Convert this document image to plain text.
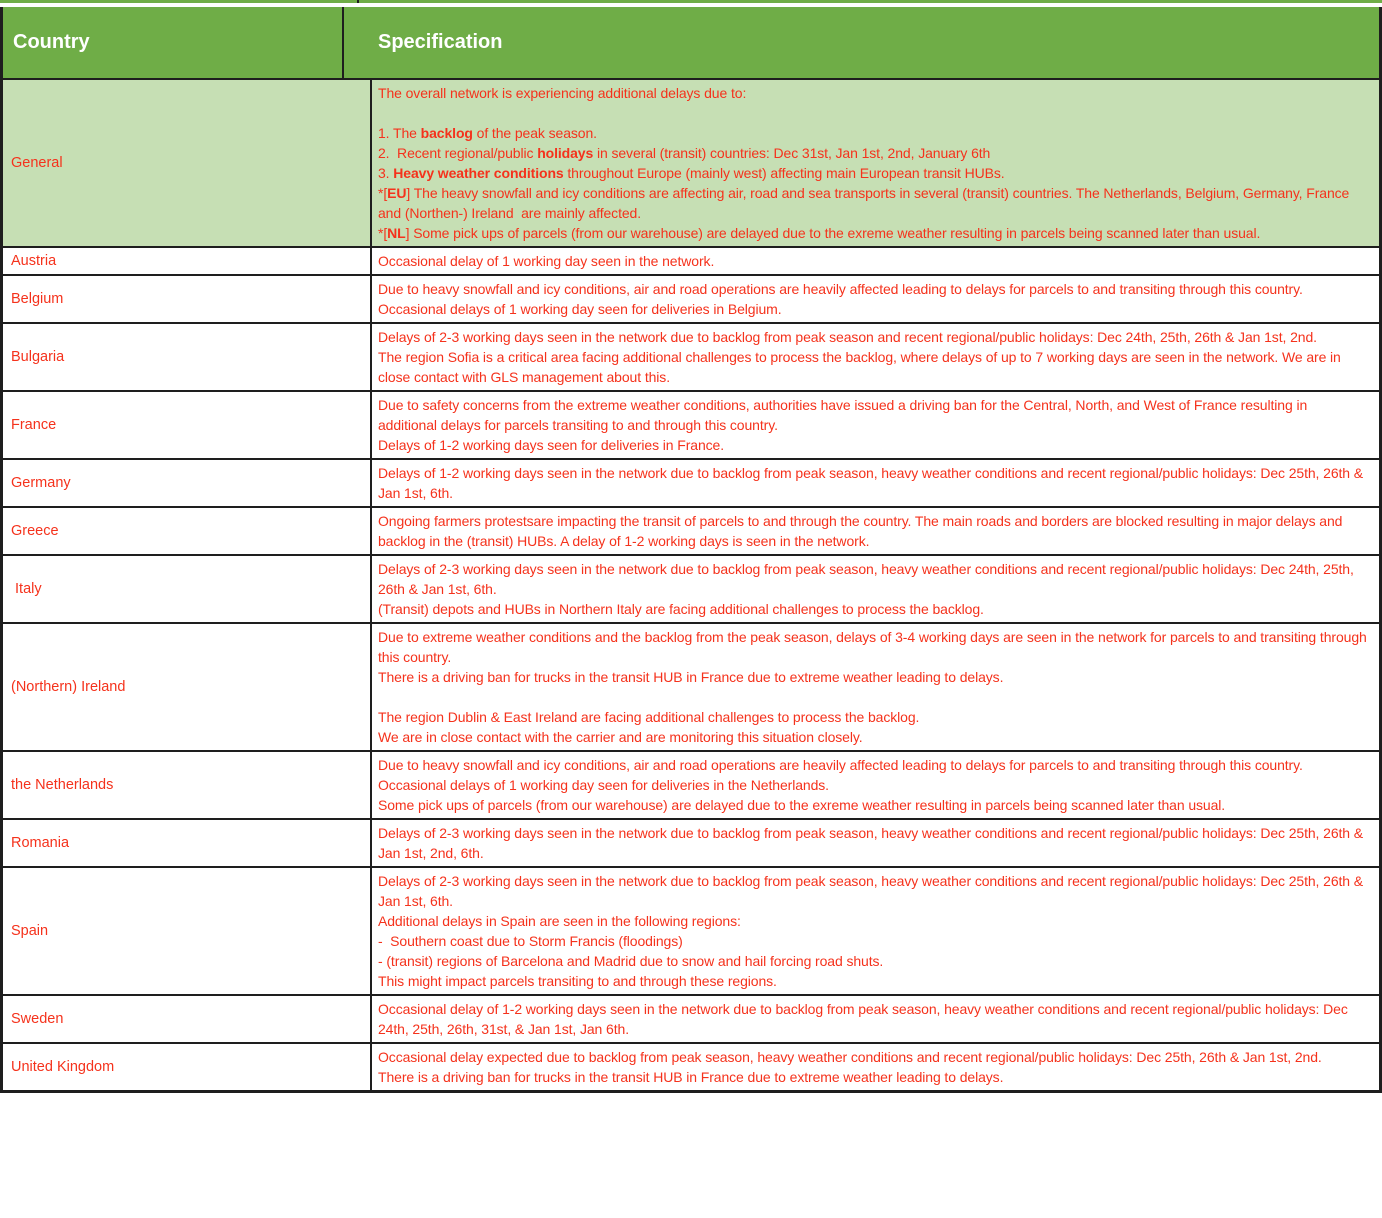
Country	Specification
General
The overall network is experiencing additional delays due to:
1. The backlog of the peak season.
2.  Recent regional/public holidays in several (transit) countries: Dec 31st, Jan 1st, 2nd, January 6th
3. Heavy weather conditions throughout Europe (mainly west) affecting main European transit HUBs.
*[EU] The heavy snowfall and icy conditions are affecting air, road and sea transports in several (transit) countries. The Netherlands, Belgium, Germany, France and (Northen-) Ireland  are mainly affected.
*[NL] Some pick ups of parcels (from our warehouse) are delayed due to the exreme weather resulting in parcels being scanned later than usual.
Austria	Occasional delay of 1 working day seen in the network.
Belgium
Due to heavy snowfall and icy conditions, air and road operations are heavily affected leading to delays for parcels to and transiting through this country.
Occasional delays of 1 working day seen for deliveries in Belgium.
Bulgaria
Delays of 2-3 working days seen in the network due to backlog from peak season and recent regional/public holidays: Dec 24th, 25th, 26th & Jan 1st, 2nd.
The region Sofia is a critical area facing additional challenges to process the backlog, where delays of up to 7 working days are seen in the network. We are in close contact with GLS management about this.
France
Due to safety concerns from the extreme weather conditions, authorities have issued a driving ban for the Central, North, and West of France resulting in additional delays for parcels transiting to and through this country.
Delays of 1-2 working days seen for deliveries in France.
Germany
Delays of 1-2 working days seen in the network due to backlog from peak season, heavy weather conditions and recent regional/public holidays: Dec 25th, 26th & Jan 1st, 6th.
Greece
Ongoing farmers protestsare impacting the transit of parcels to and through the country. The main roads and borders are blocked resulting in major delays and backlog in the (transit) HUBs. A delay of 1-2 working days is seen in the network.
Italy
Delays of 2-3 working days seen in the network due to backlog from peak season, heavy weather conditions and recent regional/public holidays: Dec 24th, 25th, 26th & Jan 1st, 6th.
(Transit) depots and HUBs in Northern Italy are facing additional challenges to process the backlog.
(Northern) Ireland
Due to extreme weather conditions and the backlog from the peak season, delays of 3-4 working days are seen in the network for parcels to and transiting through this country.
There is a driving ban for trucks in the transit HUB in France due to extreme weather leading to delays.
The region Dublin & East Ireland are facing additional challenges to process the backlog.
We are in close contact with the carrier and are monitoring this situation closely.
the Netherlands
Due to heavy snowfall and icy conditions, air and road operations are heavily affected leading to delays for parcels to and transiting through this country.
Occasional delays of 1 working day seen for deliveries in the Netherlands.
Some pick ups of parcels (from our warehouse) are delayed due to the exreme weather resulting in parcels being scanned later than usual.
Romania
Delays of 2-3 working days seen in the network due to backlog from peak season, heavy weather conditions and recent regional/public holidays: Dec 25th, 26th & Jan 1st, 2nd, 6th.
Spain
Delays of 2-3 working days seen in the network due to backlog from peak season, heavy weather conditions and recent regional/public holidays: Dec 25th, 26th & Jan 1st, 6th.
Additional delays in Spain are seen in the following regions:
-  Southern coast due to Storm Francis (floodings)
- (transit) regions of Barcelona and Madrid due to snow and hail forcing road shuts.
This might impact parcels transiting to and through these regions.
Sweden
Occasional delay of 1-2 working days seen in the network due to backlog from peak season, heavy weather conditions and recent regional/public holidays: Dec 24th, 25th, 26th, 31st, & Jan 1st, Jan 6th.
United Kingdom
Occasional delay expected due to backlog from peak season, heavy weather conditions and recent regional/public holidays: Dec 25th, 26th & Jan 1st, 2nd.
There is a driving ban for trucks in the transit HUB in France due to extreme weather leading to delays.
